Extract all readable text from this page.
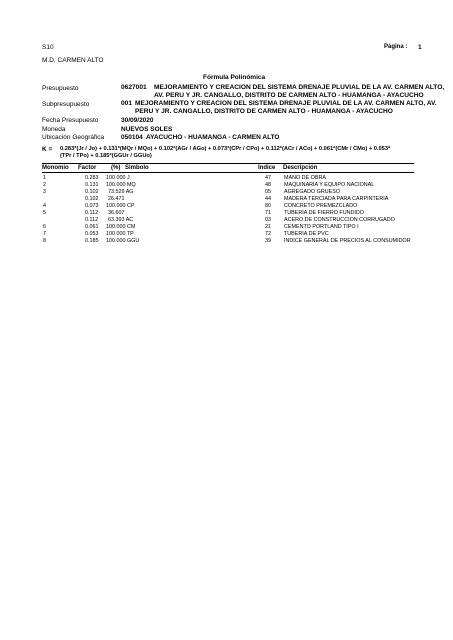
S10	Página : 1
M.D. CARMEN ALTO
Fórmula Polinómica
Presupuesto	0627001 MEJORAMIENTO Y CREACION DEL SISTEMA DRENAJE PLUVIAL DE LA AV. CARMEN ALTO,
AV. PERU Y JR. CANGALLO, DISTRITO DE CARMEN ALTO - HUAMANGA - AYACUCHO
Subpresupuesto	001 MEJORAMIENTO Y CREACION DEL SISTEMA DRENAJE PLUVIAL DE LA AV. CARMEN ALTO, AV.
PERU Y JR. CANGALLO, DISTRITO DE CARMEN ALTO - HUAMANGA - AYACUCHO
Fecha Presupuesto	30/09/2020
Moneda	NUEVOS SOLES
Ubicación Geográfica	050104 AYACUCHO - HUAMANGA - CARMEN ALTO
K = 0.283*(Jr / Jo) + 0.131*(MQr / MQo) + 0.102*(AGr / AGo) + 0.073*(CPr / CPo) + 0.112*(ACr / ACo) + 0.061*(CMr / CMo) + 0.053*
(TPr / TPo) + 0.185*(GGUr / GGUo)
Monomio Factor (%) Simbolo	Indice Descripción
1	0.283 100.000 J	47 MANO DE OBRA
2	0.131 100.000 MQ	48 MAQUINARIA Y EQUIPO NACIONAL
3	0.102 73.529 AG	05 AGREGADO GRUESO
0.102 26.471	44 MADERA TERCIADA PARA CARPINTERIA
4	0.073 100.000 CP	80 CONCRETO PREMEZCLADO
5	0.112 36.607	71 TUBERIA DE FIERRO FUNDIDO
0.112 63.393 AC	03 ACERO DE CONSTRUCCION CORRUGADO
6	0.061 100.000 CM	21 CEMENTO PORTLAND TIPO I
7	0.053 100.000 TP	72 TUBERIA DE PVC
8	0.185 100.000 GGU	39 INDICE GENERAL DE PRECIOS AL CONSUMIDOR
